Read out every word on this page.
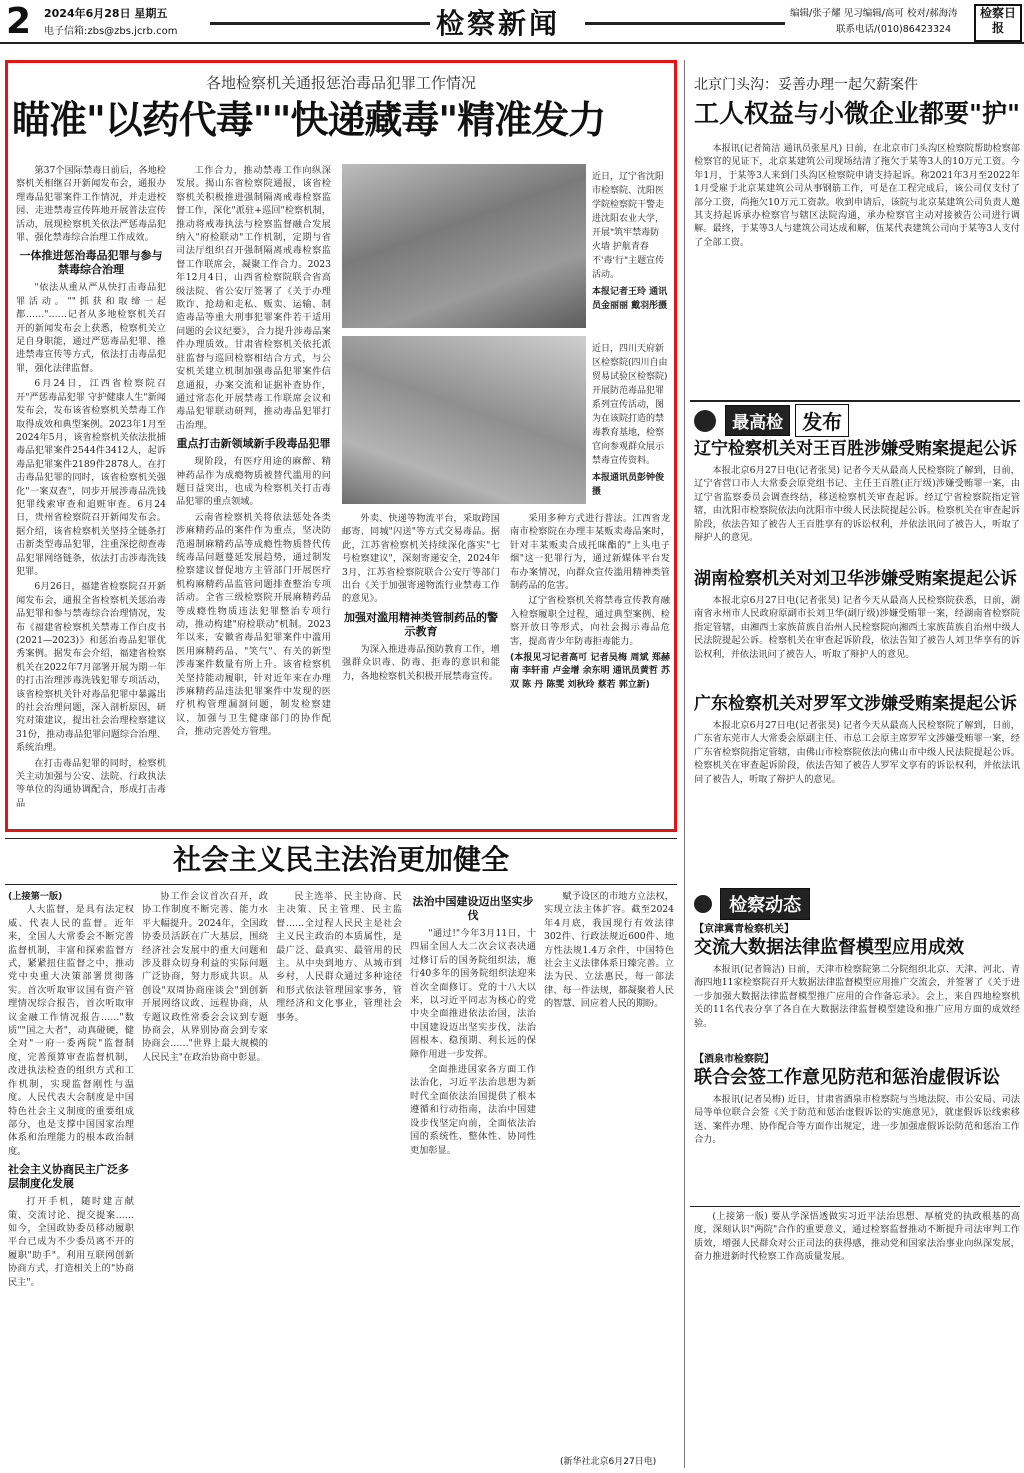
2 2024年6月28日 星期五
电子信箱:zbs@zbs.jcrb.com	检察新闻	编辑/张子耀 见习编辑/高可 校对/郝海涛
联系电话/(010)86423324
检察日报
各地检察机关通报惩治毒品犯罪工作情况
瞄准"以药代毒""快递藏毒"精准发力

第37个国际禁毒日前后，各地检察机关相继召开新闻发布会，通报办理毒品犯罪案件工作情况，并走进校园、走进禁毒宣传阵地开展普法宣传活动，展现检察机关依法严惩毒品犯罪、强化禁毒综合治理工作成效。

一体推进惩治毒品犯罪与参与禁毒综合治理

"依法从重从严从快打击毒品犯罪活动。""抓获和取缔一起都……"……记者从多地检察机关召开的新闻发布会上获悉，检察机关立足自身职能，通过严惩毒品犯罪、推进禁毒宣传等方式，依法打击毒品犯罪，强化法律监督。

6月24日，江西省检察院召开"严惩毒品犯罪 守护健康人生"新闻发布会，发布该省检察机关禁毒工作取得成效和典型案例。2023年1月至2024年5月，该省检察机关依法批捕毒品犯罪案件2544件3412人，起诉毒品犯罪案件2189件2878人。在打击毒品犯罪的同时，该省检察机关强化"一案双查"，同步开展涉毒品洗钱犯罪线索审查和追赃审查。6月24日，贵州省检察院召开新闻发布会。据介绍，该省检察机关坚持全链条打击新类型毒品犯罪，注重深挖彻查毒品犯罪网络链条，依法打击涉毒洗钱犯罪。

6月26日，福建省检察院召开新闻发布会，通报全省检察机关惩治毒品犯罪和参与禁毒综合治理情况，发布《福建省检察机关禁毒工作白皮书(2021—2023)》和惩治毒品犯罪优秀案例。据发布会介绍，福建省检察机关在2022年7月部署开展为期一年的打击治理涉毒洗钱犯罪专项活动，该省检察机关针对毒品犯罪中暴露出的社会治理问题，深入剖析原因，研究对策建议，提出社会治理检察建议31份，推动毒品犯罪问题综合治理、系统治理。

在打击毒品犯罪的同时，检察机关主动加强与公安、法院、行政执法等单位的沟通协调配合，形成打击毒品

工作合力，推动禁毒工作向纵深发展。揭山东省检察院通报，该省检察机关积极推进强制隔离戒毒检察监督工作，深化"派驻+巡回"检察机制，推动将戒毒执法与检察监督融合发展纳入"府检联动"工作机制，定期与省司法厅组织召开强制隔离戒毒检察监督工作联席会，凝聚工作合力。2023年12月4日，山西省检察院联合省高级法院、省公安厅签署了《关于办理欺诈、抢劫和走私、贩卖、运输、制造毒品等重大刑事犯罪案件若干适用问题的会议纪要》，合力提升涉毒品案件办理质效。甘肃省检察机关依托派驻监督与巡回检察相结合方式，与公安机关建立机制加强毒品犯罪案件信息通报，办案交流和证据补查协作，通过常态化开展禁毒工作联席会议和毒品犯罪联动研判，推动毒品犯罪打击治理。

重点打击新领域新手段毒品犯罪

现阶段，有医疗用途的麻醉、精神药品作为成瘾物质被替代滥用的问题日益突出，也成为检察机关打击毒品犯罪的重点领域。

云南省检察机关将依法惩处各类涉麻精药品的案件作为重点，坚决防范遏制麻精药品等成瘾性物质替代传统毒品问题蔓延发展趋势，通过制发检察建议督促地方主管部门开展医疗机构麻精药品监管问题排查整治专项活动。全省三级检察院开展麻精药品等成瘾性物质违法犯罪整治专项行动，推动构建"府检联动"机制。2023年以来，安徽省毒品犯罪案件中滥用医用麻精药品、"笑气"、有关的新型涉毒案件数量有所上升。该省检察机关坚持能动履职，针对近年来在办理涉麻精药品违法犯罪案件中发现的医疗机构管理漏洞问题，制发检察建议，加强与卫生健康部门的协作配合，推动完善处方管理。

近日，辽宁省沈阳市检察院、沈阳医学院检察院干警走进沈阳农业大学，开展"筑牢禁毒防火墙 护航青春不'毒'行"主题宣传活动。
本报记者王玲 通讯员金丽丽 戴羽彤摄
近日，四川天府新区检察院(四川自由贸易试验区检察院)开展防范毒品犯罪系列宣传活动，图为在该院打造的禁毒教育基地，检察官向参观群众展示禁毒宣传资料。
本报通讯员彭钟俊摄

外卖、快递等物流平台，采取跨国邮寄、同城"闪送"等方式交易毒品。据此，江苏省检察机关持续深化落实"七号检察建议"，深刻寄递安全，2024年3月，江苏省检察院联合公安厅等部门出台《关于加强寄递物流行业禁毒工作的意见》。

加强对滥用精神类管制药品的警示教育

为深入推进毒品预防教育工作，增强群众识毒、防毒、拒毒的意识和能力，各地检察机关积极开展禁毒宣传。

采用多种方式进行普法。江西省龙南市检察院在办理丰某贩卖毒品案时，针对丰某贩卖合成托咪酯的"上头电子烟"这一犯罪行为，通过新媒体平台发布办案情况，向群众宣传滥用精神类管制药品的危害。

辽宁省检察机关将禁毒宣传教育融入检察履职全过程，通过典型案例、检察开放日等形式，向社会揭示毒品危害，提高青少年防毒拒毒能力。

(本报见习记者高可 记者吴梅 周斌 郑赫南 李轩甫 卢金增 余东明 通讯员黄哲 苏双 陈 丹 陈雯 刘秋玲 蔡若 郭立新)
北京门头沟：妥善办理一起欠薪案件
工人权益与小微企业都要"护"

本报讯(记者简洁 通讯员张星凡) 日前，在北京市门头沟区检察院帮助检察部检察官的见证下，北京某建筑公司现场结清了拖欠于某等3人的10万元工资。今年1月，于某等3人来到门头沟区检察院申请支持起诉。称2021年3月至2022年1月受雇于北京某建筑公司从事钢筋工作，可是在工程完成后，该公司仅支付了部分工资，尚拖欠10万元工资款。收到申请后，该院与北京某建筑公司负责人邀其支持起诉承办检察官与辖区法院沟通，承办检察官主动对接被告公司进行调解。最终，于某等3人与建筑公司达成和解，伍某代表建筑公司向于某等3人支付了全部工资。

最高检 发布
辽宁检察机关对王百胜涉嫌受贿案提起公诉

本报北京6月27日电(记者张昊) 记者今天从最高人民检察院了解到，日前，辽宁省营口市人大常委会原党组书记、主任王百胜(正厅级)涉嫌受贿罪一案，由辽宁省监察委员会调查终结，移送检察机关审查起诉。经辽宁省检察院指定管辖，由沈阳市检察院依法向沈阳市中级人民法院提起公诉。检察机关在审查起诉阶段，依法告知了被告人王百胜享有的诉讼权利，并依法讯问了被告人，听取了辩护人的意见。

湖南检察机关对刘卫华涉嫌受贿案提起公诉

本报北京6月27日电(记者张昊) 记者今天从最高人民检察院获悉，日前，湖南省永州市人民政府原副市长刘卫华(副厅级)涉嫌受贿罪一案，经湖南省检察院指定管辖，由湘西土家族苗族自治州人民检察院向湘西土家族苗族自治州中级人民法院提起公诉。检察机关在审查起诉阶段，依法告知了被告人刘卫华享有的诉讼权利，并依法讯问了被告人，听取了辩护人的意见。

广东检察机关对罗军文涉嫌受贿案提起公诉

本报北京6月27日电(记者张昊) 记者今天从最高人民检察院了解到，日前，广东省东莞市人大常委会原副主任、市总工会原主席罗军文涉嫌受贿罪一案，经广东省检察院指定管辖，由佛山市检察院依法向佛山市中级人民法院提起公诉。检察机关在审查起诉阶段，依法告知了被告人罗军文享有的诉讼权利，并依法讯问了被告人，听取了辩护人的意见。

社会主义民主法治更加健全
(上接第一版)

人大监督，是具有法定权威、代表人民的监督。近年来，全国人大常委会不断完善监督机制，丰富和探索监督方式，紧紧扭住监督之中，推动党中央重大决策部署贯彻落实。首次听取审议国有资产管理情况综合报告，首次听取审议金融工作情况报告……"数质""国之大者"，动真碰硬，健全对"一府一委两院"监督制度，完善预算审查监督机制，改进执法检查的组织方式和工作机制，实现监督刚性与温度。人民代表大会制度是中国特色社会主义制度的重要组成部分，也是支撑中国国家治理体系和治理能力的根本政治制度。

社会主义协商民主广泛多层制度化发展

打开手机，随时建言献策、交流讨论、提交提案……如今，全国政协委员移动履职平台已成为不少委员离不开的履职"助手"。利用互联网创新协商方式，打造相关上的"协商民主"。

协工作会议首次召开，政协工作制度不断完善、能力水平大幅提升。2024年，全国政协委员活跃在广大基层，围绕经济社会发展中的重大问题和涉及群众切身利益的实际问题广泛协商，努力形成共识。从创设"双周协商座谈会"到创新开展网络议政、远程协商，从专题议政性常委会会议到专题协商会，从界别协商会到专家协商会……"世界上最大规模的人民民主"在政治协商中彰显。

民主选举、民主协商、民主决策、民主管理、民主监督……全过程人民民主是社会主义民主政治的本质属性，是最广泛、最真实、最管用的民主。从中央到地方、从城市到乡村，人民群众通过多种途径和形式依法管理国家事务，管理经济和文化事业，管理社会事务。

法治中国建设迈出坚实步伐

"通过!"今年3月11日，十四届全国人大二次会议表决通过修订后的国务院组织法，施行40多年的国务院组织法迎来首次全面修订。党的十八大以来，以习近平同志为核心的党中央全面推进依法治国，法治中国建设迈出坚实步伐，法治固根本、稳预期、利长远的保障作用进一步发挥。

全面推进国家各方面工作法治化，习近平法治思想为新时代全面依法治国提供了根本遵循和行动指南，法治中国建设步伐坚定向前，全面依法治国的系统性、整体性、协同性更加彰显。

赋予设区的市地方立法权，实现立法主体扩容。截至2024年4月底，我国现行有效法律302件、行政法规近600件、地方性法规1.4万余件，中国特色社会主义法律体系日臻完善。立法为民、立法惠民，每一部法律、每一件法规，都凝聚着人民的智慧、回应着人民的期盼。

(新华社北京6月27日电)
检察动态
【京津冀青检察机关】
交流大数据法律监督模型应用成效

本报讯(记者简洁) 日前，天津市检察院第二分院组织北京、天津、河北、青海四地11家检察院召开大数据法律监督模型应用推广交流会，并签署了《关于进一步加强大数据法律监督模型推广应用的合作备忘录》。会上，来自四地检察机关的11名代表分享了各自在大数据法律监督模型建设和推广应用方面的成效经验。

【酒泉市检察院】
联合会签工作意见防范和惩治虚假诉讼

本报讯(记者吴梅) 近日，甘肃省酒泉市检察院与当地法院、市公安局、司法局等单位联合会签《关于防范和惩治虚假诉讼的实施意见》，就虚假诉讼线索移送、案件办理、协作配合等方面作出规定，进一步加强虚假诉讼防范和惩治工作合力。

(上接第一版) 要从学深悟透做实习近平法治思想、厚植党的执政根基的高度，深刻认识"两院"合作的重要意义，通过检察监督推动不断提升司法审判工作质效，增强人民群众对公正司法的获得感，推动党和国家法治事业向纵深发展，奋力推进新时代检察工作高质量发展。
